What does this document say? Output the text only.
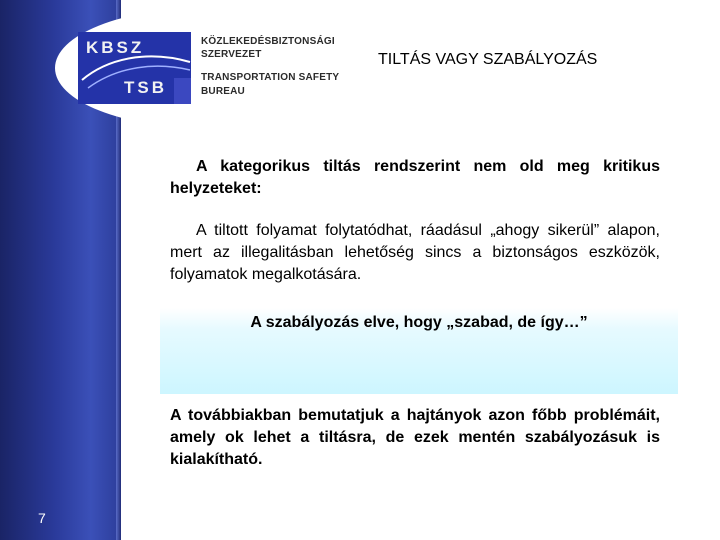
KBSZ
TSB
KÖZLEKEDÉSBIZTONSÁGI
SZERVEZET
TRANSPORTATION SAFETY
BUREAU
TILTÁS VAGY SZABÁLYOZÁS
A kategorikus tiltás rendszerint nem old meg kritikus helyzeteket:
A tiltott folyamat folytatódhat, ráadásul „ahogy sikerül” alapon, mert az illegalitásban lehetőség sincs a biztonságos eszközök, folyamatok megalkotására.
A szabályozás elve, hogy „szabad, de így…”
A továbbiakban bemutatjuk a hajtányok azon főbb problémáit, amely ok lehet a tiltásra, de ezek mentén szabályozásuk is kialakítható.
7
